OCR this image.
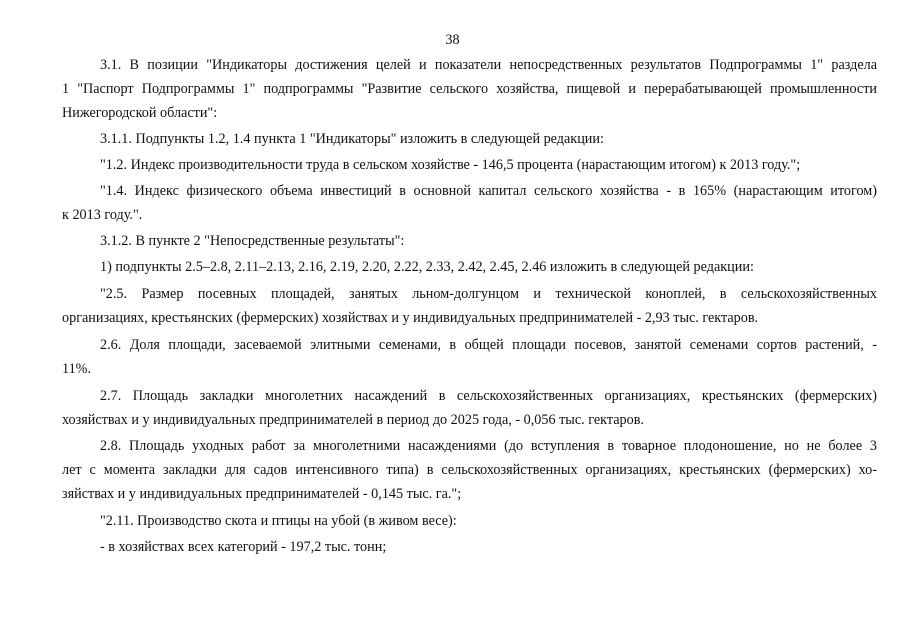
38
3.1. В позиции "Индикаторы достижения целей и показатели непосредственных результатов Подпрограммы 1" раздела
1 "Паспорт Подпрограммы 1" подпрограммы "Развитие сельского хозяйства, пищевой и перерабатывающей промышленности
Нижегородской области":
3.1.1. Подпункты 1.2, 1.4 пункта 1 "Индикаторы" изложить в следующей редакции:
"1.2. Индекс производительности труда в сельском хозяйстве - 146,5 процента (нарастающим итогом) к 2013 году.";
"1.4. Индекс физического объема инвестиций в основной капитал сельского хозяйства - в 165% (нарастающим итогом)
к 2013 году.".
3.1.2. В пункте 2 "Непосредственные результаты":
1) подпункты 2.5–2.8, 2.11–2.13, 2.16, 2.19, 2.20, 2.22, 2.33, 2.42, 2.45, 2.46 изложить в следующей редакции:
"2.5. Размер посевных площадей, занятых льном-долгунцом и технической коноплей, в сельскохозяйственных
организациях, крестьянских (фермерских) хозяйствах и у индивидуальных предпринимателей - 2,93 тыс. гектаров.
2.6. Доля площади, засеваемой элитными семенами, в общей площади посевов, занятой семенами сортов растений, -
11%.
2.7. Площадь закладки многолетних насаждений в сельскохозяйственных организациях, крестьянских (фермерских)
хозяйствах и у индивидуальных предпринимателей в период до 2025 года, - 0,056 тыс. гектаров.
2.8. Площадь уходных работ за многолетними насаждениями (до вступления в товарное плодоношение, но не более 3
лет с момента закладки для садов интенсивного типа) в сельскохозяйственных организациях, крестьянских (фермерских) хо-
зяйствах и у индивидуальных предпринимателей - 0,145 тыс. га.";
"2.11. Производство скота и птицы на убой (в живом весе):
- в хозяйствах всех категорий - 197,2 тыс. тонн;
